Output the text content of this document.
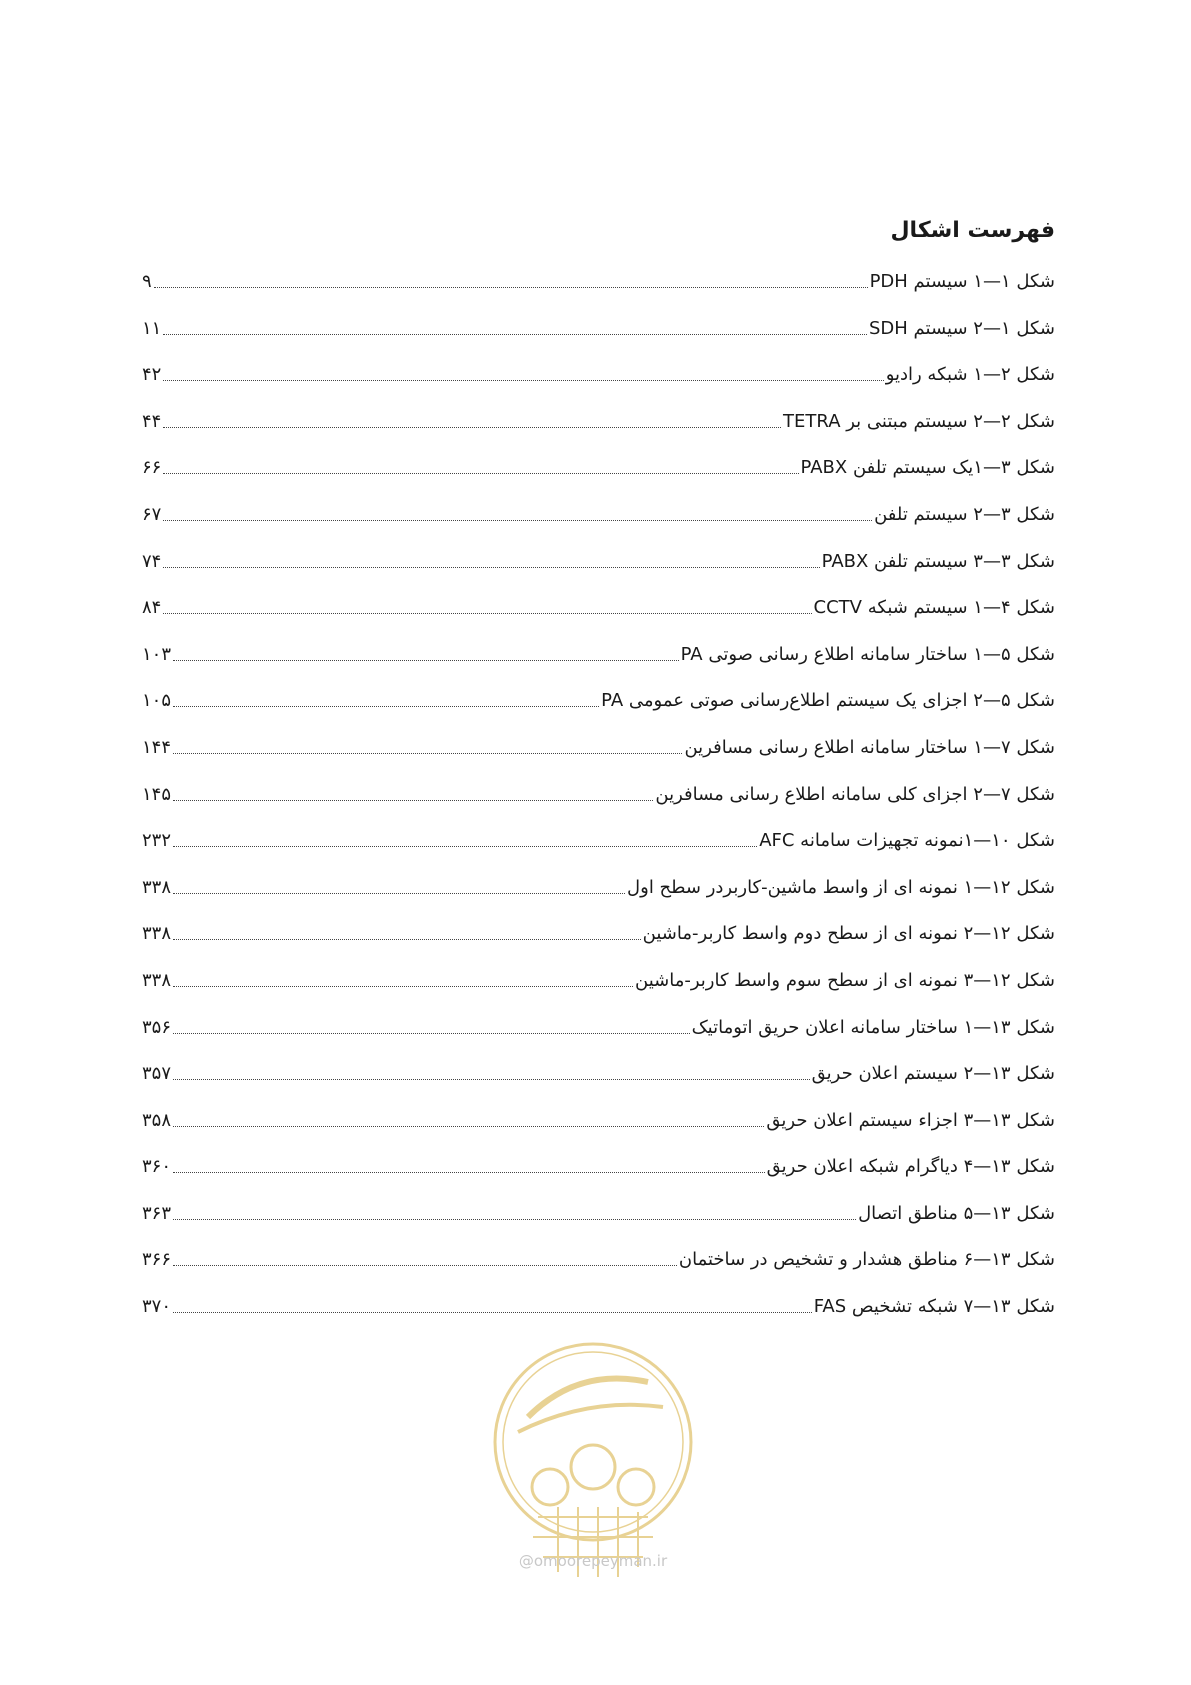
فهرست اشکال
شکل ۱—۱ سیستم PDH
۹
شکل ۱—۲ سیستم SDH
۱۱
شکل ۲—۱ شبکه رادیو
۴۲
شکل ۲—۲ سیستم مبتنی بر TETRA
۴۴
شکل ۳—۱یک سیستم تلفن PABX
۶۶
شکل ۳—۲ سیستم تلفن
۶۷
شکل ۳—۳ سیستم تلفن PABX
۷۴
شکل ۴—۱ سیستم شبکه CCTV
۸۴
شکل ۵—۱ ساختار سامانه اطلاع رسانی صوتی PA
۱۰۳
شکل ۵—۲ اجزای یک سیستم اطلاع‌رسانی صوتی عمومی PA
۱۰۵
شکل ۷—۱ ساختار سامانه اطلاع رسانی مسافرین
۱۴۴
شکل ۷—۲ اجزای کلی سامانه اطلاع رسانی مسافرین
۱۴۵
شکل ۱۰—۱نمونه تجهیزات سامانه AFC
۲۳۲
شکل ۱۲—۱ نمونه ای از واسط ماشین-کاربردر سطح اول
۳۳۸
شکل ۱۲—۲ نمونه ای از سطح دوم واسط کاربر-ماشین
۳۳۸
شکل ۱۲—۳ نمونه ای از سطح سوم واسط کاربر-ماشین
۳۳۸
شکل ۱۳—۱ ساختار سامانه اعلان حریق اتوماتیک
۳۵۶
شکل ۱۳—۲ سیستم اعلان حریق
۳۵۷
شکل ۱۳—۳ اجزاء سیستم اعلان حریق
۳۵۸
شکل ۱۳—۴ دیاگرام شبکه اعلان حریق
۳۶۰
شکل ۱۳—۵ مناطق اتصال
۳۶۳
شکل ۱۳—۶ مناطق هشدار و تشخیص در ساختمان
۳۶۶
شکل ۱۳—۷ شبکه تشخیص FAS
۳۷۰
@omoorepeyman.ir
